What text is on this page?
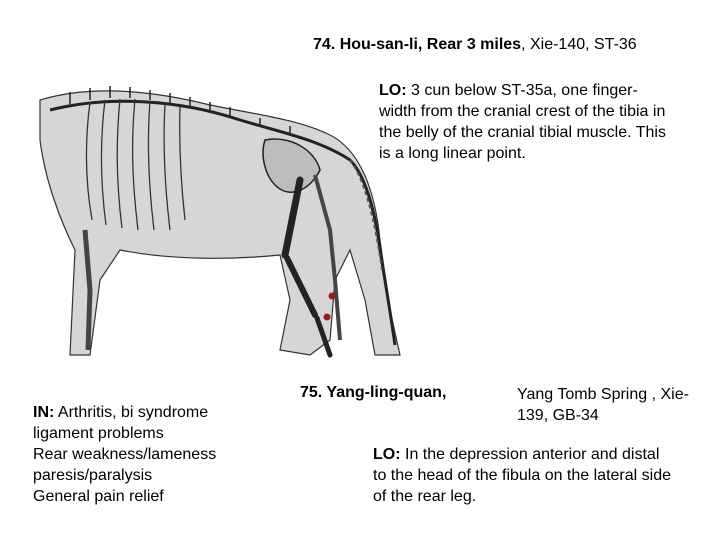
74. Hou-san-li, Rear 3 miles, Xie-140, ST-36
LO: 3 cun below ST-35a, one finger-width from the cranial crest of the tibia in the belly of the cranial tibial muscle. This is a long linear point.
IN: Arthritis, bi syndrome
ligament problems
Rear weakness/lameness
paresis/paralysis
General pain relief
75. Yang-ling-quan,	Yang Tomb Spring , Xie-139, GB-34
LO: In the depression anterior and distal to the head of the fibula on the lateral side of the rear leg.
